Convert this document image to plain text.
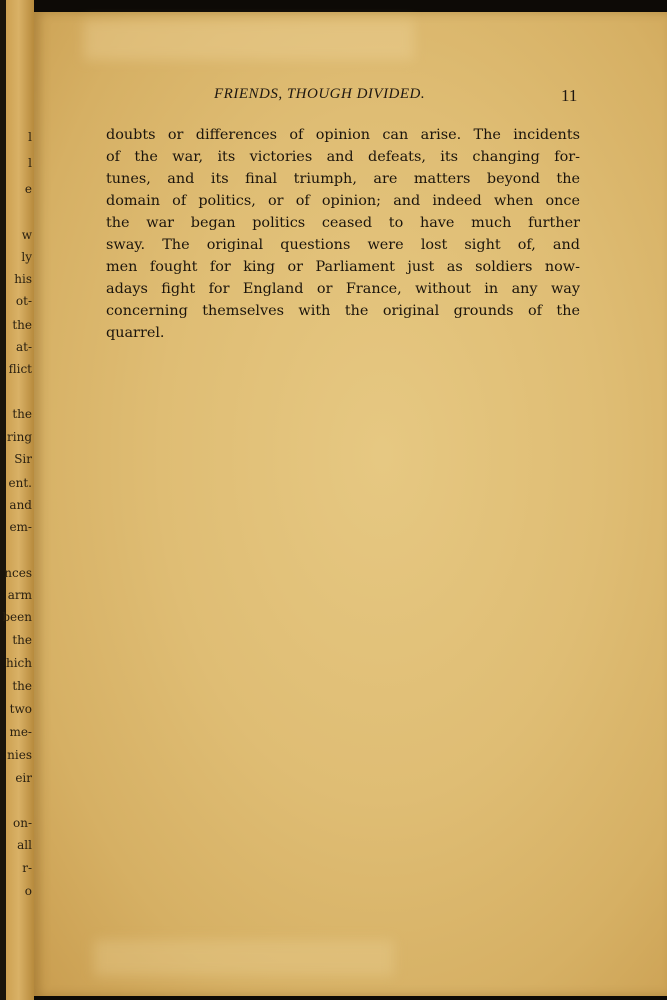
l
l
e
w
ly
his
ot-
the
at-
flict
the
ring
Sir
ent.
and
em-
nces
arm
been
the
hich
the
two
me-
nies
eir
on-
all
r-
o
FRIENDS, THOUGH DIVIDED.	11
doubts or differences of opinion can arise. The incidents
of the war, its victories and defeats, its changing for-
tunes, and its final triumph, are matters beyond the
domain of politics, or of opinion; and indeed when once
the war began politics ceased to have much further
sway. The original questions were lost sight of, and
men fought for king or Parliament just as soldiers now-
adays fight for England or France, without in any way
concerning themselves with the original grounds of the
quarrel.
